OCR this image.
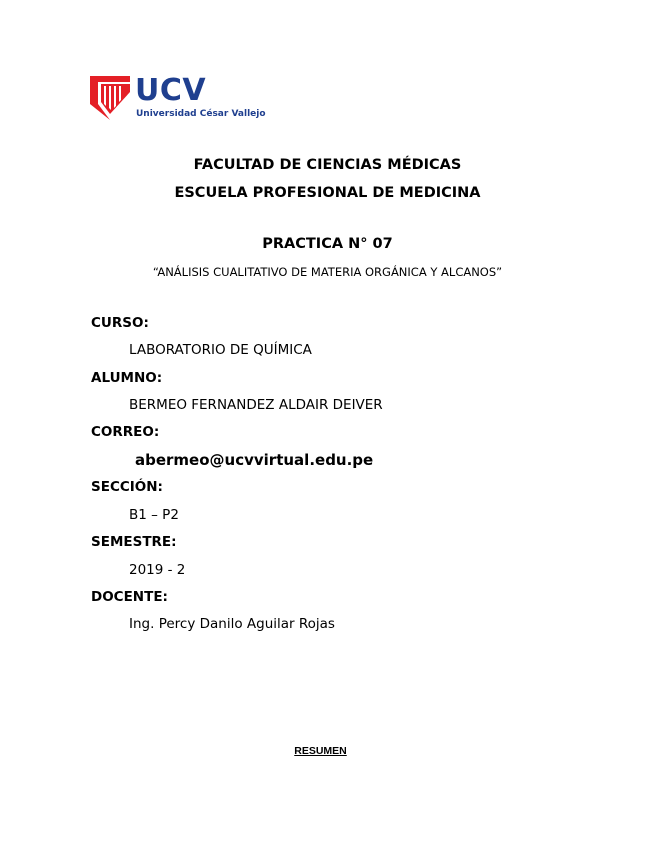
UCV
Universidad César Vallejo
FACULTAD DE CIENCIAS MÉDICAS
ESCUELA PROFESIONAL DE MEDICINA
PRACTICA N° 07
“ANÁLISIS CUALITATIVO DE MATERIA ORGÁNICA Y ALCANOS”
CURSO:
LABORATORIO DE QUÍMICA
ALUMNO:
BERMEO FERNANDEZ ALDAIR DEIVER
CORREO:
abermeo@ucvvirtual.edu.pe
SECCIÓN:
B1 – P2
SEMESTRE:
2019 - 2
DOCENTE:
Ing. Percy Danilo Aguilar Rojas
RESUMEN
